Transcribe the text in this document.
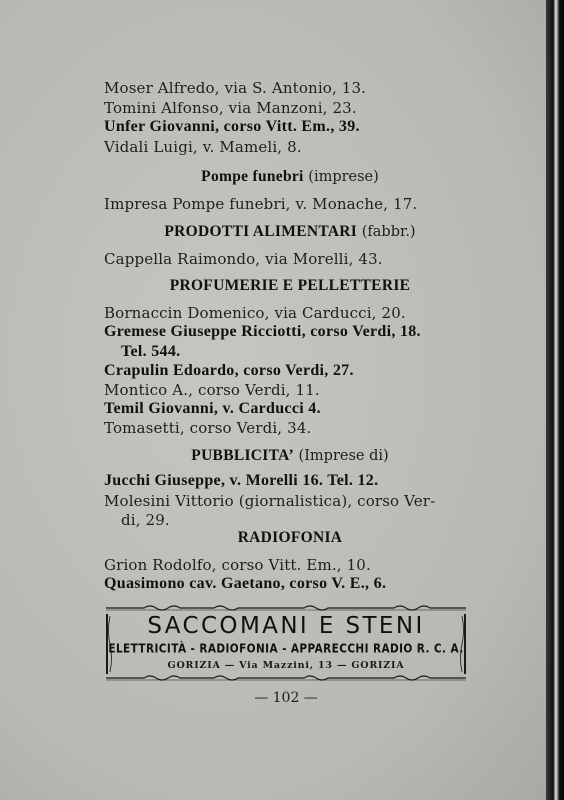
Moser Alfredo, via S. Antonio, 13.
Tomini Alfonso, via Manzoni, 23.
Unfer Giovanni, corso Vitt. Em., 39.
Vidali Luigi, v. Mameli, 8.
Pompe funebri (imprese)
Impresa Pompe funebri, v. Monache, 17.
PRODOTTI ALIMENTARI (fabbr.)
Cappella Raimondo, via Morelli, 43.
PROFUMERIE E PELLETTERIE
Bornaccin Domenico, via Carducci, 20.
Gremese Giuseppe Ricciotti, corso Verdi, 18.
Tel. 544.
Crapulin Edoardo, corso Verdi, 27.
Montico A., corso Verdi, 11.
Temil Giovanni, v. Carducci 4.
Tomasetti, corso Verdi, 34.
PUBBLICITA’ (Imprese di)
Jucchi Giuseppe, v. Morelli 16. Tel. 12.
Molesini Vittorio (giornalistica), corso Ver-
di, 29.
RADIOFONIA
Grion Rodolfo, corso Vitt. Em., 10.
Quasimono cav. Gaetano, corso V. E., 6.
SACCOMANI E STENI
ELETTRICITÀ - RADIOFONIA - APPARECCHI RADIO R. C. A.
GORIZIA — Via Mazzini, 13 — GORIZIA
— 102 —
